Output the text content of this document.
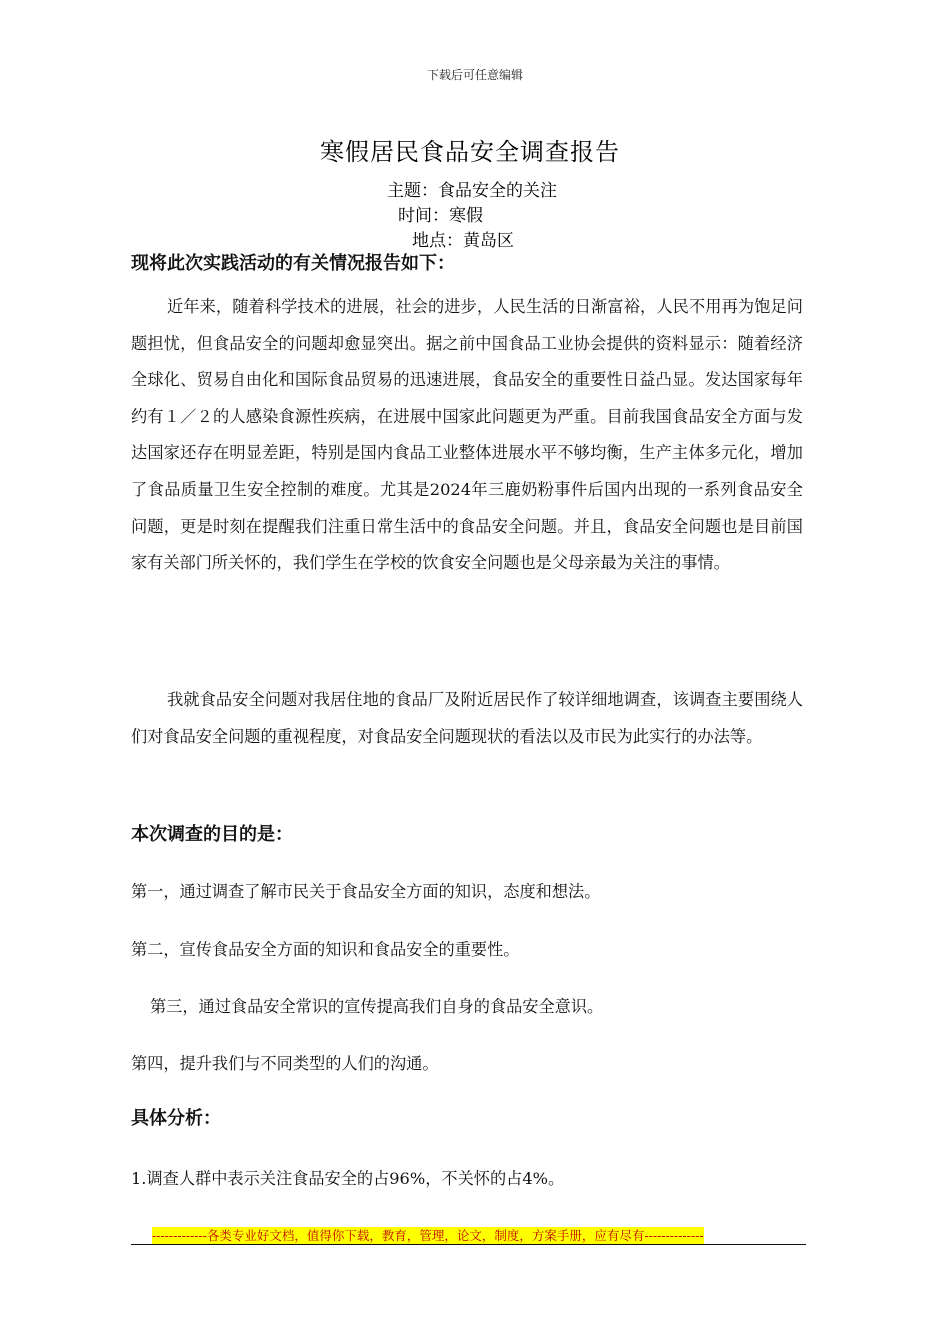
下载后可任意编辑
寒假居民食品安全调查报告
主题：食品安全的关注
时间：寒假
地点：黄岛区
现将此次实践活动的有关情况报告如下：

近年来，随着科学技术的进展，社会的进步，人民生活的日渐富裕，人民不用再为饱足问题担忧，但食品安全的问题却愈显突出。据之前中国食品工业协会提供的资料显示：随着经济全球化、贸易自由化和国际食品贸易的迅速进展，食品安全的重要性日益凸显。发达国家每年约有１／２的人感染食源性疾病，在进展中国家此问题更为严重。目前我国食品安全方面与发达国家还存在明显差距，特别是国内食品工业整体进展水平不够均衡，生产主体多元化，增加了食品质量卫生安全控制的难度。尤其是2024年三鹿奶粉事件后国内出现的一系列食品安全问题，更是时刻在提醒我们注重日常生活中的食品安全问题。并且，食品安全问题也是目前国家有关部门所关怀的，我们学生在学校的饮食安全问题也是父母亲最为关注的事情。

我就食品安全问题对我居住地的食品厂及附近居民作了较详细地调查，该调查主要围绕人们对食品安全问题的重视程度，对食品安全问题现状的看法以及市民为此实行的办法等。

本次调查的目的是：
第一，通过调查了解市民关于食品安全方面的知识，态度和想法。
第二，宣传食品安全方面的知识和食品安全的重要性。
第三，通过食品安全常识的宣传提高我们自身的食品安全意识。
第四，提升我们与不同类型的人们的沟通。
具体分析：
1.调查人群中表示关注食品安全的占96%，不关怀的占4%。
-------------各类专业好文档，值得你下载，教育，管理，论文，制度，方案手册，应有尽有--------------
